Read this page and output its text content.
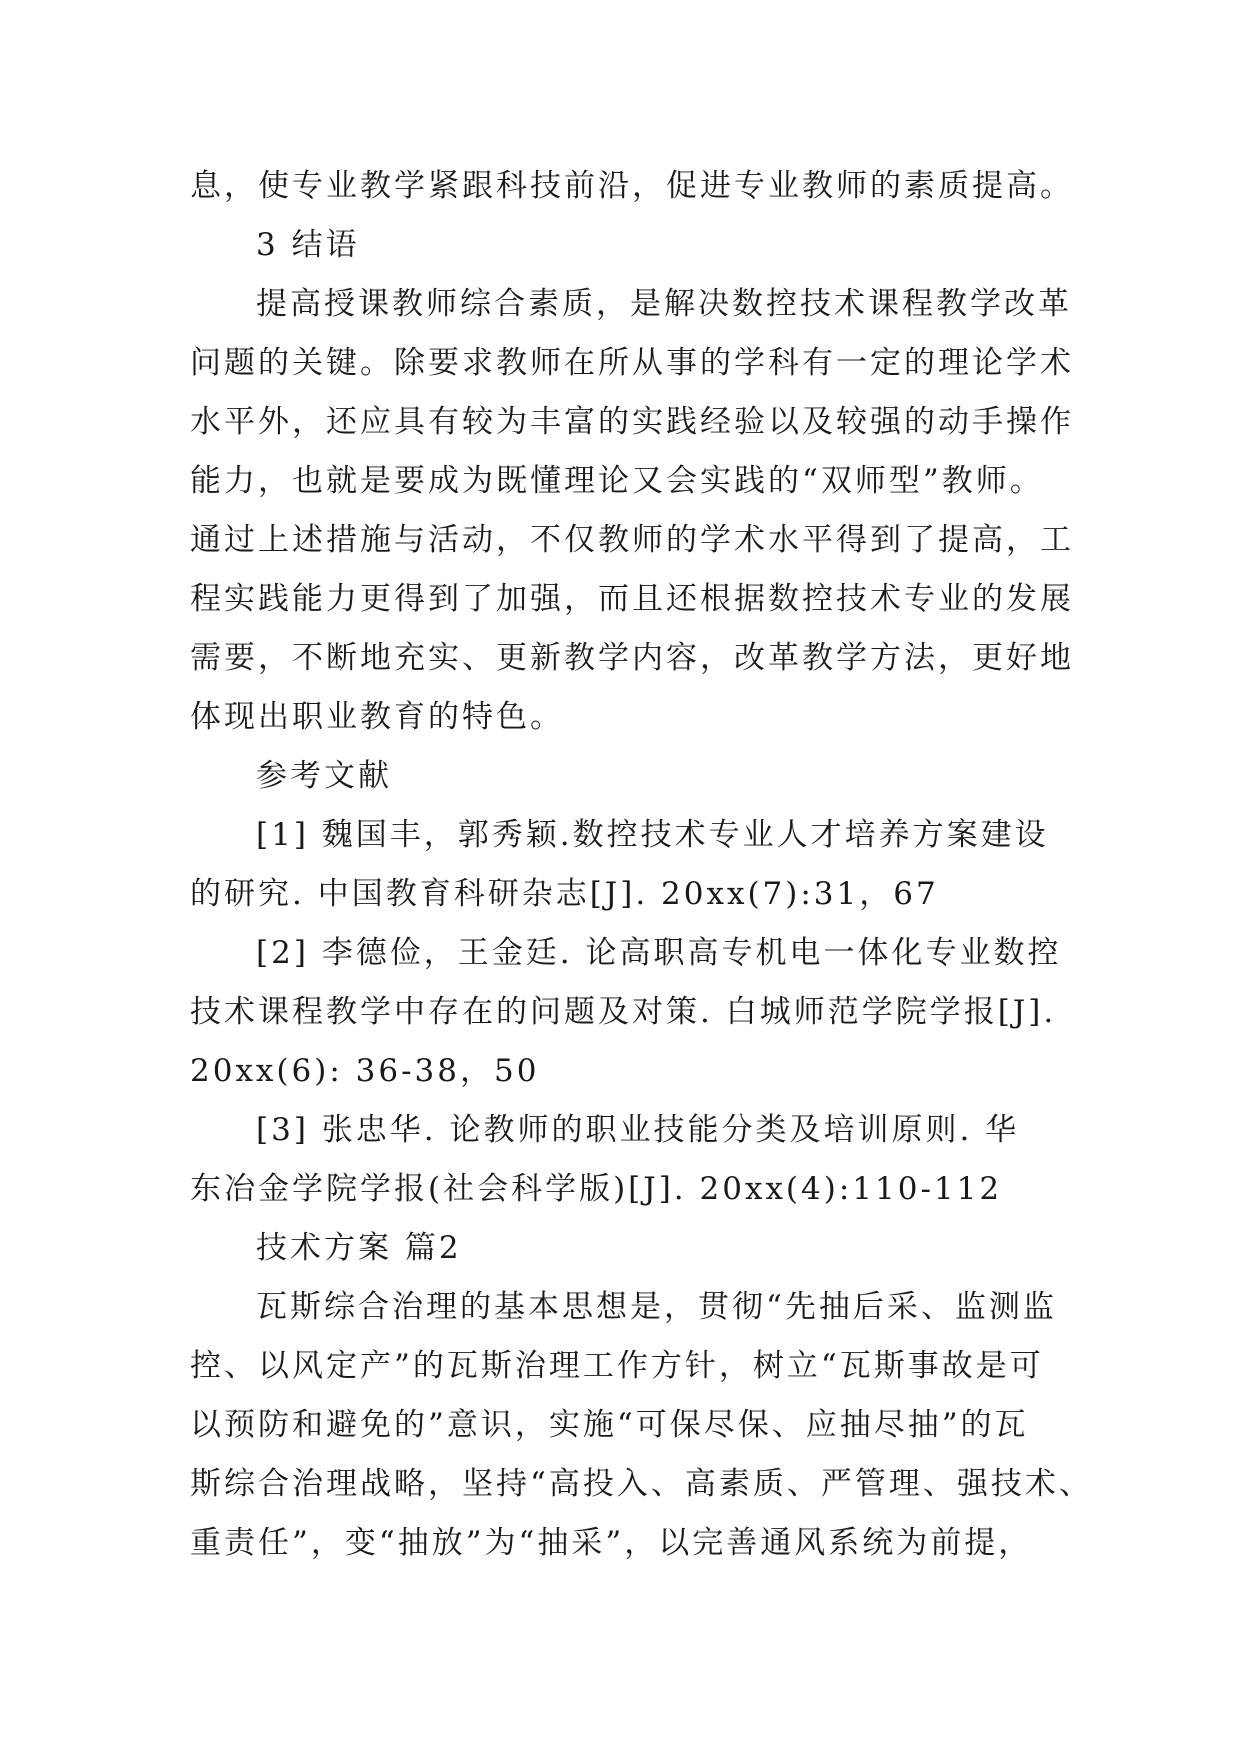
息，使专业教学紧跟科技前沿，促进专业教师的素质提高。
3 结语
提高授课教师综合素质，是解决数控技术课程教学改革
问题的关键。除要求教师在所从事的学科有一定的理论学术
水平外，还应具有较为丰富的实践经验以及较强的动手操作
能力，也就是要成为既懂理论又会实践的“双师型”教师。
通过上述措施与活动，不仅教师的学术水平得到了提高，工
程实践能力更得到了加强，而且还根据数控技术专业的发展
需要，不断地充实、更新教学内容，改革教学方法，更好地
体现出职业教育的特色。
参考文献
[1] 魏国丰，郭秀颖.数控技术专业人才培养方案建设
的研究. 中国教育科研杂志[J]. 20xx(7):31，67
[2] 李德俭，王金廷. 论高职高专机电一体化专业数控
技术课程教学中存在的问题及对策. 白城师范学院学报[J].
20xx(6): 36-38，50
[3] 张忠华. 论教师的职业技能分类及培训原则. 华
东冶金学院学报(社会科学版)[J]. 20xx(4):110-112
技术方案 篇2
瓦斯综合治理的基本思想是，贯彻“先抽后采、监测监
控、以风定产”的瓦斯治理工作方针，树立“瓦斯事故是可
以预防和避免的”意识，实施“可保尽保、应抽尽抽”的瓦
斯综合治理战略，坚持“高投入、高素质、严管理、强技术、
重责任”，变“抽放”为“抽采”，以完善通风系统为前提，
